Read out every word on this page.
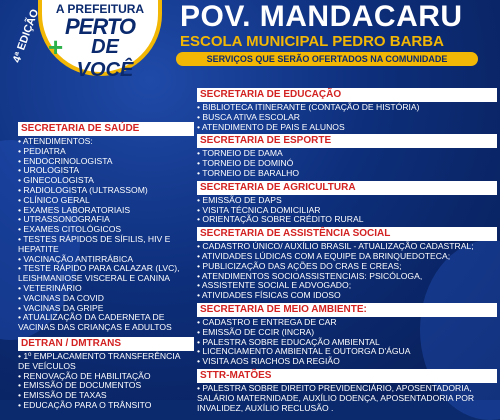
4ª EDIÇÃO	A PREFEITURA
PERTO
+	DE VOCÊ
POV. MANDACARU
ESCOLA MUNICIPAL PEDRO BARBA
SERVIÇOS QUE SERÃO OFERTADOS NA COMUNIDADE
SECRETARIA DE SAÚDE
• ATENDIMENTOS:
• PEDIATRA
• ENDOCRINOLOGISTA
• UROLOGISTA
• GINECOLOGISTA
• RADIOLOGISTA (ULTRASSOM)
• CLÍNICO GERAL
• EXAMES LABORATORIAIS
• UTRASSONOGRAFIA
• EXAMES CITOLÓGICOS
• TESTES RÁPIDOS DE SÍFILIS, HIV E HEPATITE
• VACINAÇÃO ANTIRRÁBICA
• TESTE RÁPIDO PARA CALAZAR (LVC), LEISHMANIOSE VISCERAL E CANINA
• VETERINÁRIO
• VACINAS DA COVID
• VACINAS DA GRIPE
• ATUALIZAÇÃO DA CADERNETA DE VACINAS DAS CRIANÇAS E ADULTOS
DETRAN / DMTRANS
• 1º EMPLACAMENTO TRANSFERÊNCIA DE VEÍCULOS
• RENOVAÇÃO DE HABILITAÇÃO
• EMISSÃO DE DOCUMENTOS
• EMISSÃO DE TAXAS
• EDUCAÇÃO PARA O TRÂNSITO
SECRETARIA DE EDUCAÇÃO
• BIBLIOTECA ITINERANTE (CONTAÇÃO DE HISTÓRIA)
• BUSCA ATIVA ESCOLAR
• ATENDIMENTO DE PAIS E ALUNOS
SECRETARIA DE ESPORTE
• TORNEIO DE DAMA
• TORNEIO DE DOMINÓ
• TORNEIO DE BARALHO
SECRETARIA DE AGRICULTURA
• EMISSÃO DE DAPS
• VISITA TÉCNICA DOMICILIAR
• ORIENTAÇÃO SOBRE CRÉDITO RURAL
SECRETARIA DE ASSISTÊNCIA SOCIAL
• CADASTRO ÚNICO/ AUXÍLIO BRASIL - ATUALIZAÇÃO CADASTRAL;
• ATIVIDADES LÚDICAS COM A EQUIPE DA BRINQUEDOTECA;
• PUBLICIZAÇÃO DAS AÇÕES DO CRAS E CREAS;
• ATENDIMENTOS SOCIOASSISTENCIAIS: PSICÓLOGA,
• ASSISTENTE SOCIAL E ADVOGADO;
• ATIVIDADES FÍSICAS COM IDOSO
SECRETARIA DE MEIO AMBIENTE:
• CADASTRO E ENTREGA DE CAR
• EMISSÃO DE CCIR (INCRA)
• PALESTRA SOBRE EDUCAÇÃO AMBIENTAL
• LICENCIAMENTO AMBIENTAL E OUTORGA D'ÁGUA
• VISITA AOS RIACHOS DA REGIÃO
STTR-MATÕES
• PALESTRA SOBRE DIREITO PREVIDENCIÁRIO, APOSENTADORIA, SALÁRIO MATERNIDADE, AUXÍLIO DOENÇA, APOSENTADORIA POR INVALIDEZ, AUXÍLIO RECLUSÃO .
